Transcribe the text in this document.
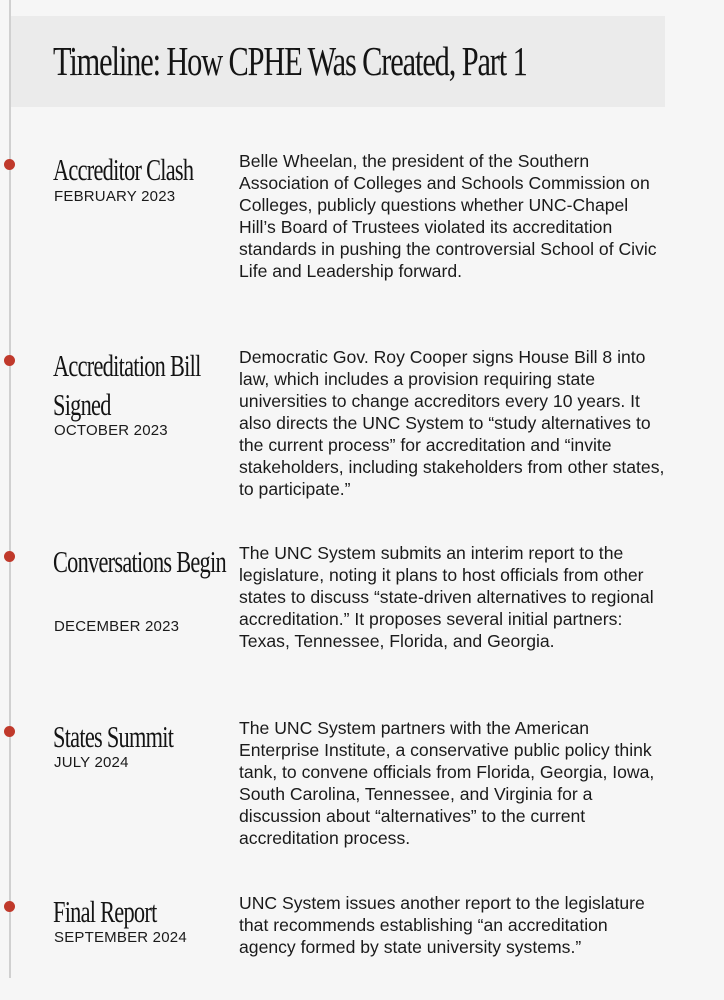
Timeline: How CPHE Was Created, Part 1
Accreditor Clash
FEBRUARY 2023

Belle Wheelan, the president of the Southern Association of Colleges and Schools Commission on Colleges, publicly questions whether UNC-Chapel Hill’s Board of Trustees violated its accreditation standards in pushing the controversial School of Civic Life and Leadership forward.

Accreditation Bill Signed
OCTOBER 2023

Democratic Gov. Roy Cooper signs House Bill 8 into law, which includes a provision requiring state universities to change accreditors every 10 years. It also directs the UNC System to “study alternatives to the current process” for accreditation and “invite stakeholders, including stakeholders from other states, to participate.”

Conversations Begin
DECEMBER 2023

The UNC System submits an interim report to the legislature, noting it plans to host officials from other states to discuss “state-driven alternatives to regional accreditation.” It proposes several initial partners: Texas, Tennessee, Florida, and Georgia.

States Summit
JULY 2024

The UNC System partners with the American Enterprise Institute, a conservative public policy think tank, to convene officials from Florida, Georgia, Iowa, South Carolina, Tennessee, and Virginia for a discussion about “alternatives” to the current accreditation process.

Final Report
SEPTEMBER 2024

UNC System issues another report to the legislature that recommends establishing “an accreditation agency formed by state university systems.”
